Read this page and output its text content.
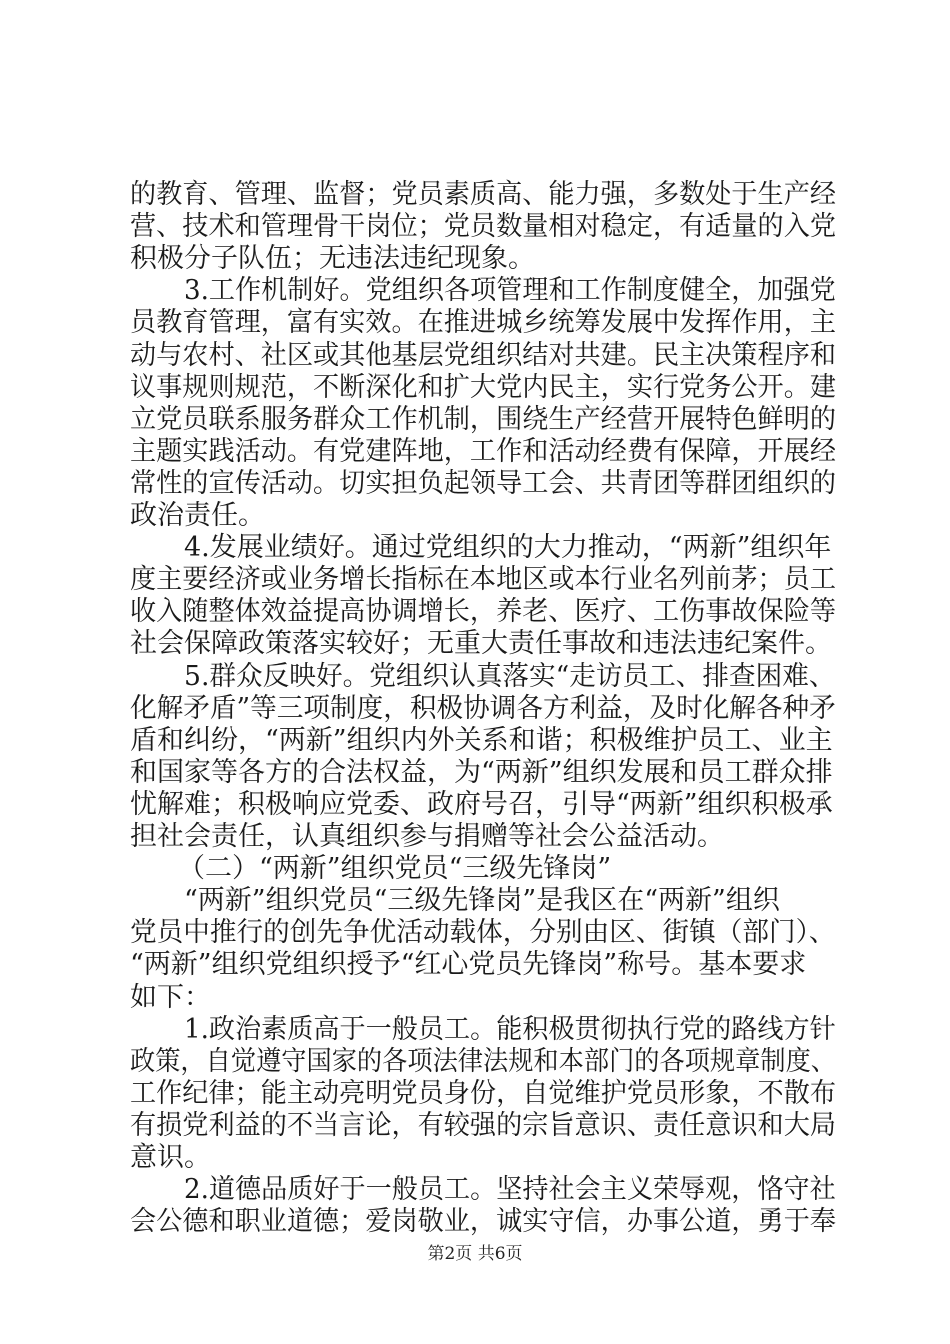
的教育、管理、监督；党员素质高、能力强，多数处于生产经
营、技术和管理骨干岗位；党员数量相对稳定，有适量的入党
积极分子队伍；无违法违纪现象。
3.工作机制好。党组织各项管理和工作制度健全，加强党
员教育管理，富有实效。在推进城乡统筹发展中发挥作用，主
动与农村、社区或其他基层党组织结对共建。民主决策程序和
议事规则规范，不断深化和扩大党内民主，实行党务公开。建
立党员联系服务群众工作机制，围绕生产经营开展特色鲜明的
主题实践活动。有党建阵地，工作和活动经费有保障，开展经
常性的宣传活动。切实担负起领导工会、共青团等群团组织的
政治责任。
4.发展业绩好。通过党组织的大力推动，“两新”组织年
度主要经济或业务增长指标在本地区或本行业名列前茅；员工
收入随整体效益提高协调增长，养老、医疗、工伤事故保险等
社会保障政策落实较好；无重大责任事故和违法违纪案件。
5.群众反映好。党组织认真落实“走访员工、排查困难、
化解矛盾”等三项制度，积极协调各方利益，及时化解各种矛
盾和纠纷，“两新”组织内外关系和谐；积极维护员工、业主
和国家等各方的合法权益，为“两新”组织发展和员工群众排
忧解难；积极响应党委、政府号召，引导“两新”组织积极承
担社会责任，认真组织参与捐赠等社会公益活动。
（二）“两新”组织党员“三级先锋岗”
“两新”组织党员“三级先锋岗”是我区在“两新”组织
党员中推行的创先争优活动载体，分别由区、街镇（部门）、
“两新”组织党组织授予“红心党员先锋岗”称号。基本要求
如下：
1.政治素质高于一般员工。能积极贯彻执行党的路线方针
政策，自觉遵守国家的各项法律法规和本部门的各项规章制度、
工作纪律；能主动亮明党员身份，自觉维护党员形象，不散布
有损党利益的不当言论，有较强的宗旨意识、责任意识和大局
意识。
2.道德品质好于一般员工。坚持社会主义荣辱观，恪守社
会公德和职业道德；爱岗敬业，诚实守信，办事公道，勇于奉
第2页 共6页
